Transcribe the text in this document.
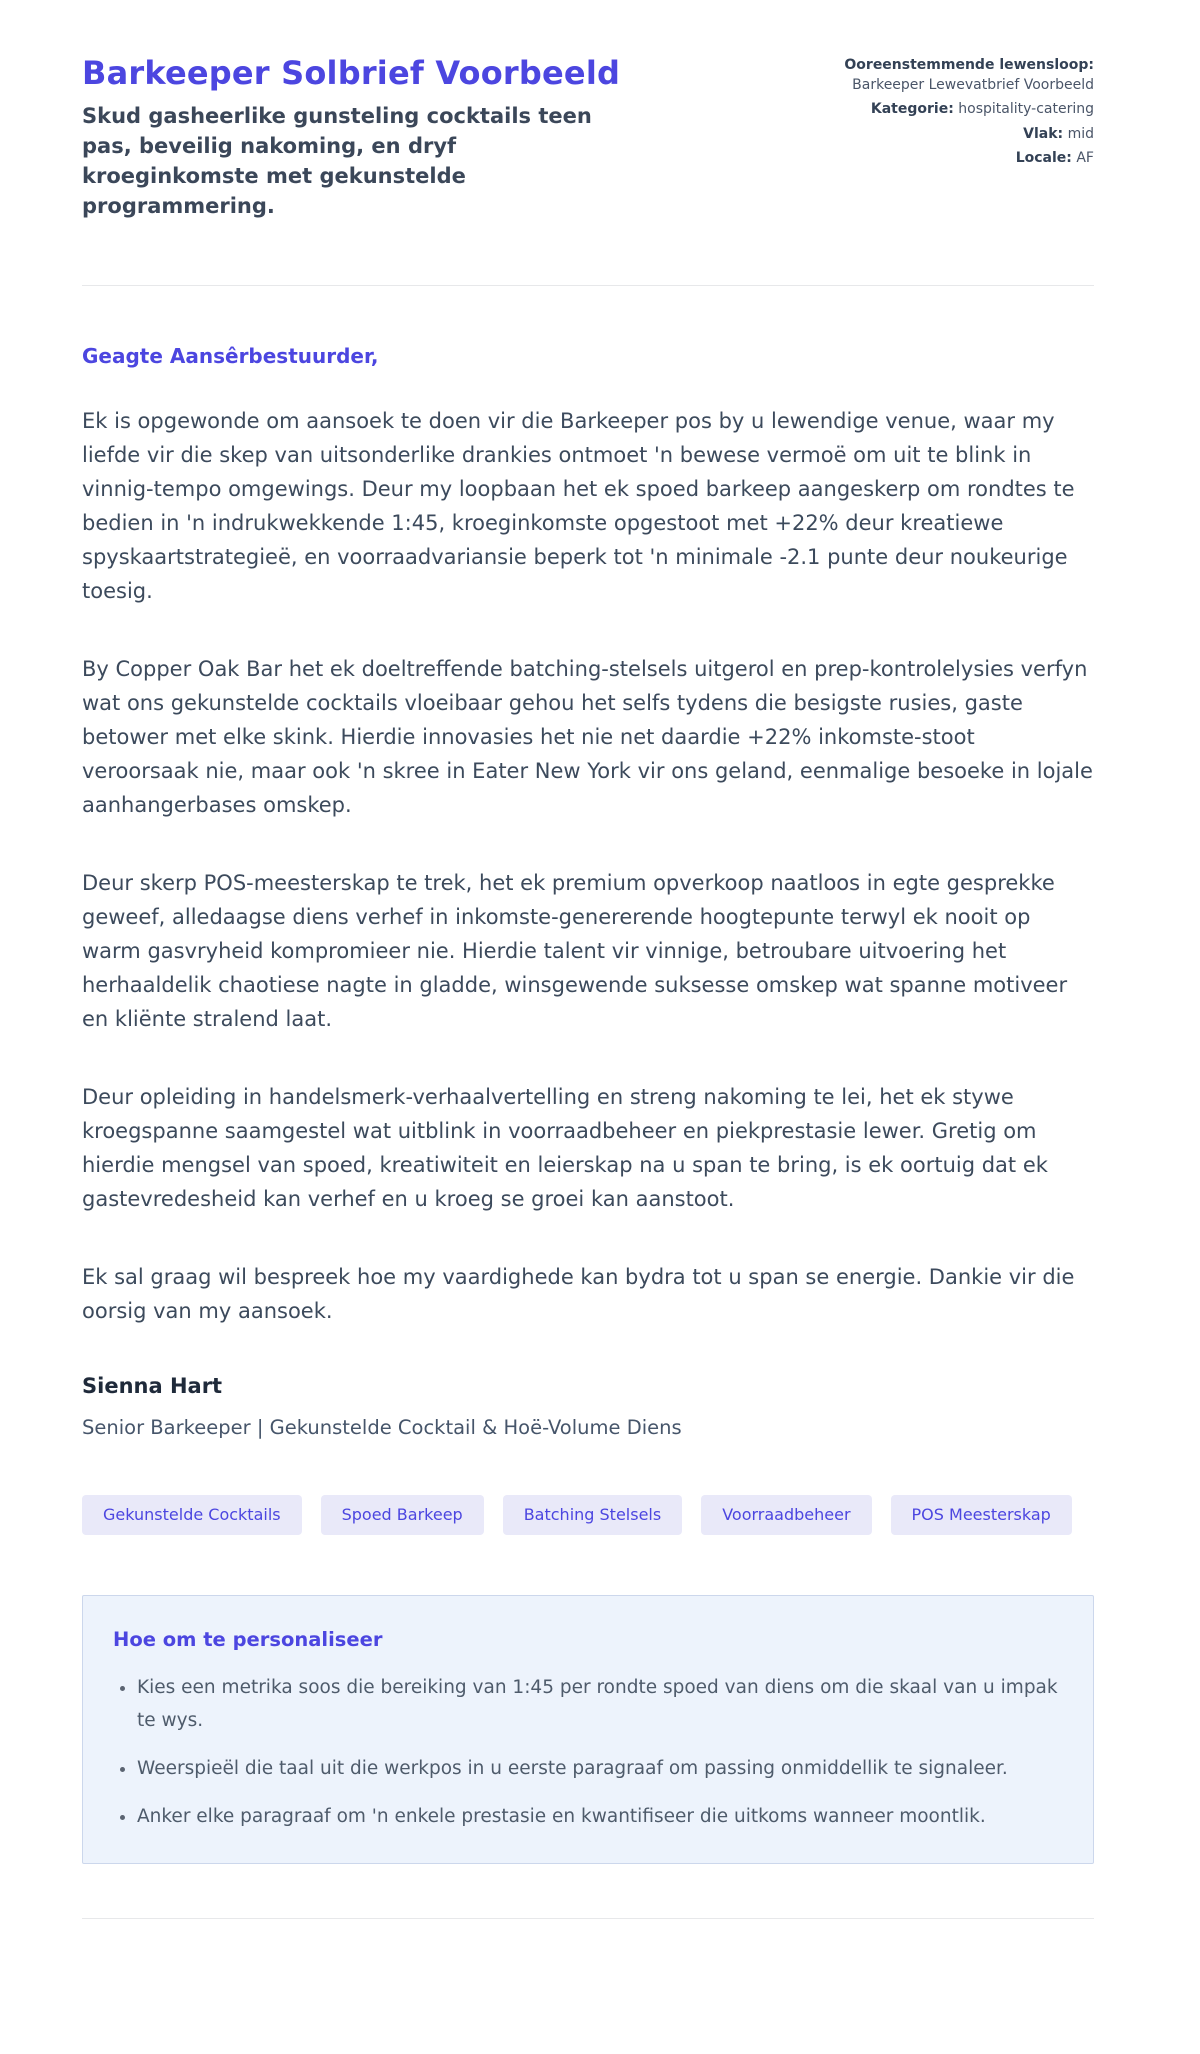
Barkeeper Solbrief Voorbeeld
Skud gasheerlike gunsteling cocktails teen pas, beveilig nakoming, en dryf kroeginkomste met gekunstelde programmering.
Ooreenstemmende lewensloop: Barkeeper Lewevatbrief Voorbeeld
Kategorie: hospitality-catering
Vlak: mid
Locale: AF
Geagte Aansêrbestuurder,

Ek is opgewonde om aansoek te doen vir die Barkeeper pos by u lewendige venue, waar my liefde vir die skep van uitsonderlike drankies ontmoet 'n bewese vermoë om uit te blink in vinnig-tempo omgewings. Deur my loopbaan het ek spoed barkeep aangeskerp om rondtes te bedien in 'n indrukwekkende 1:45, kroeginkomste opgestoot met +22% deur kreatiewe spyskaartstrategieë, en voorraadvariansie beperk tot 'n minimale -2.1 punte deur noukeurige toesig.

By Copper Oak Bar het ek doeltreffende batching-stelsels uitgerol en prep-kontrolelysies verfyn wat ons gekunstelde cocktails vloeibaar gehou het selfs tydens die besigste rusies, gaste betower met elke skink. Hierdie innovasies het nie net daardie +22% inkomste-stoot veroorsaak nie, maar ook 'n skree in Eater New York vir ons geland, eenmalige besoeke in lojale aanhangerbases omskep.

Deur skerp POS-meesterskap te trek, het ek premium opverkoop naatloos in egte gesprekke geweef, alledaagse diens verhef in inkomste-genererende hoogtepunte terwyl ek nooit op warm gasvryheid kompromieer nie. Hierdie talent vir vinnige, betroubare uitvoering het herhaaldelik chaotiese nagte in gladde, winsgewende suksesse omskep wat spanne motiveer en kliënte stralend laat.

Deur opleiding in handelsmerk-verhaalvertelling en streng nakoming te lei, het ek stywe kroegspanne saamgestel wat uitblink in voorraadbeheer en piekprestasie lewer. Gretig om hierdie mengsel van spoed, kreatiwiteit en leierskap na u span te bring, is ek oortuig dat ek gastevredesheid kan verhef en u kroeg se groei kan aanstoot.

Ek sal graag wil bespreek hoe my vaardighede kan bydra tot u span se energie. Dankie vir die oorsig van my aansoek.

Sienna Hart
Senior Barkeeper | Gekunstelde Cocktail & Hoë-Volume Diens
Gekunstelde Cocktails	Spoed Barkeep	Batching Stelsels	Voorraadbeheer	POS Meesterskap
Hoe om te personaliseer
• Kies een metrika soos die bereiking van 1:45 per rondte spoed van diens om die skaal van u impak te wys.
• Weerspieël die taal uit die werkpos in u eerste paragraaf om passing onmiddellik te signaleer.
• Anker elke paragraaf om 'n enkele prestasie en kwantifiseer die uitkoms wanneer moontlik.
